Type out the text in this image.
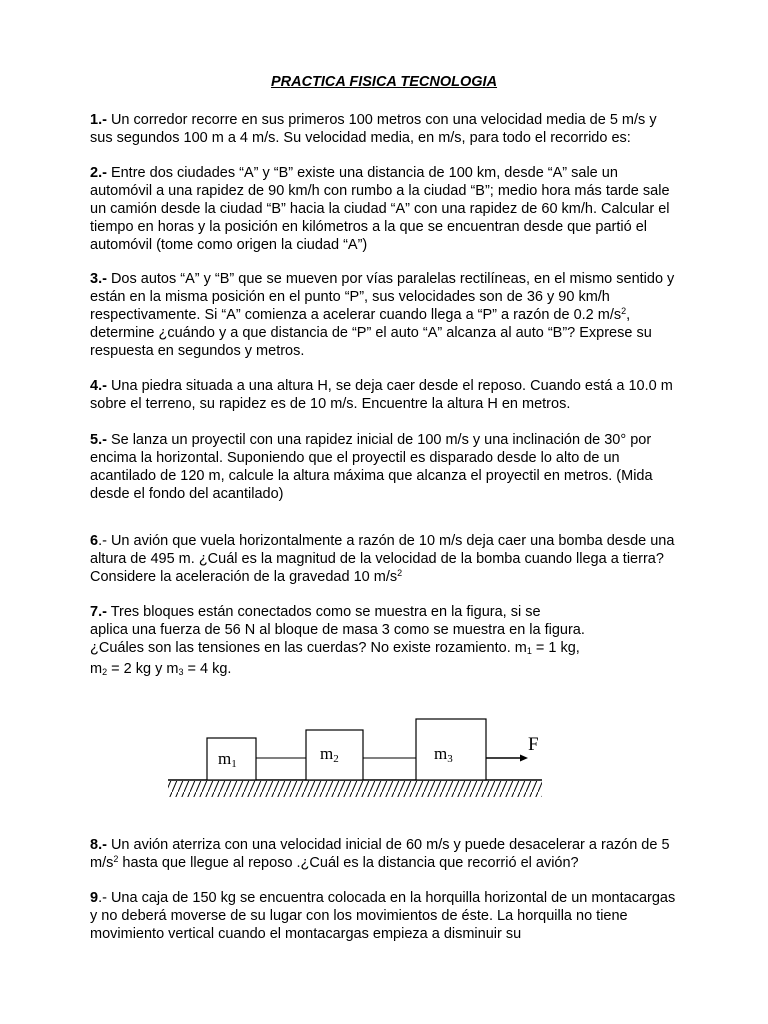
PRACTICA FISICA TECNOLOGIA
1.- Un corredor recorre en sus primeros 100 metros con una velocidad media de 5 m/s y sus segundos 100 m a 4 m/s. Su velocidad media, en m/s, para todo el recorrido es:
2.- Entre dos ciudades “A” y “B” existe una distancia de 100 km, desde “A” sale un automóvil a una rapidez de 90 km/h con rumbo a la ciudad “B”; medio hora más tarde sale un camión desde la ciudad “B” hacia la ciudad “A” con una rapidez de 60 km/h. Calcular el tiempo en horas y la posición en kilómetros a la que se encuentran desde que partió el automóvil (tome como origen la ciudad “A”)
3.- Dos autos “A” y “B” que se mueven por vías paralelas rectilíneas, en el mismo sentido y están en la misma posición en el punto “P”, sus velocidades son de 36 y 90 km/h respectivamente. Si “A” comienza a acelerar cuando llega a “P” a razón de 0.2 $m/s^2$, determine ¿cuándo y a que distancia de “P” el auto “A” alcanza al auto “B”? Exprese su respuesta en segundos y metros.
4.- Una piedra situada a una altura H, se deja caer desde el reposo. Cuando está a 10.0 m sobre el terreno, su rapidez es de 10 m/s. Encuentre la altura H en metros.
5.- Se lanza un proyectil con una rapidez inicial de 100 m/s y una inclinación de 30° por encima la horizontal. Suponiendo que el proyectil es disparado desde lo alto de un acantilado de 120 m, calcule la altura máxima que alcanza el proyectil en metros. (Mida desde el fondo del acantilado)
6.- Un avión que vuela horizontalmente a razón de 10 m/s deja caer una bomba desde una altura de 495 m. ¿Cuál es la magnitud de la velocidad de la bomba cuando llega a tierra? Considere la aceleración de la gravedad 10 $m/s^2$
7.- Tres bloques están conectados como se muestra en la figura, si se
aplica una fuerza de 56 N al bloque de masa 3 como se muestra en la figura.
¿Cuáles son las tensiones en las cuerdas? No existe rozamiento. $m_1 = 1$ kg,
$m_2 = 2$ kg y $m_3 = 4$ kg.
m1
m2	m3
F
8.- Un avión aterriza con una velocidad inicial de 60 m/s y puede desacelerar a razón de 5 $m/s^2$ hasta que llegue al reposo .¿Cuál es la distancia que recorrió el avión?
9.- Una caja de 150 kg se encuentra colocada en la horquilla horizontal de un montacargas y no deberá moverse de su lugar con los movimientos de éste. La horquilla no tiene movimiento vertical cuando el montacargas empieza a disminuir su
